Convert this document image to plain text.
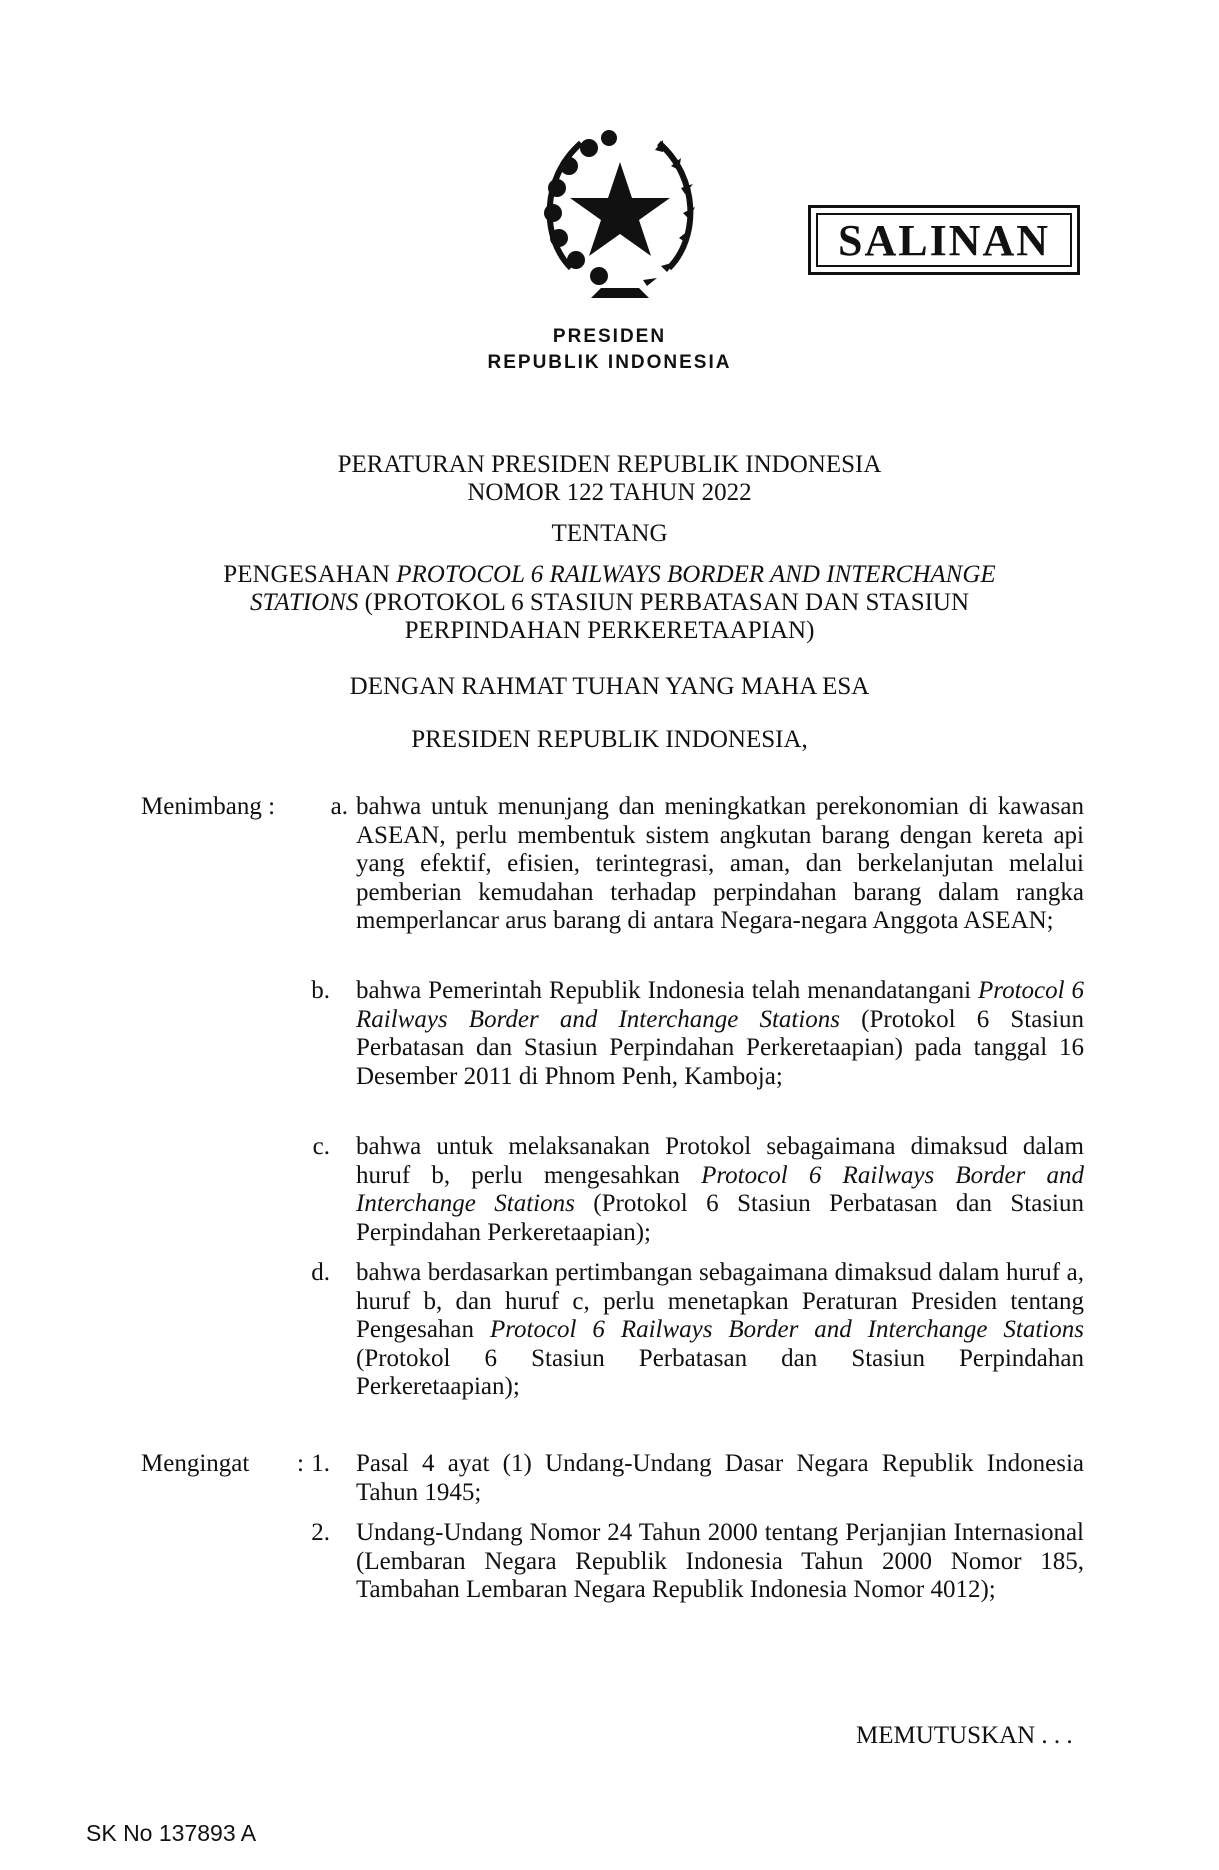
SALINAN
PRESIDEN
REPUBLIK INDONESIA
PERATURAN PRESIDEN REPUBLIK INDONESIA
NOMOR 122 TAHUN 2022
TENTANG
PENGESAHAN PROTOCOL 6 RAILWAYS BORDER AND INTERCHANGE
STATIONS (PROTOKOL 6 STASIUN PERBATASAN DAN STASIUN
PERPINDAHAN PERKERETAAPIAN)
DENGAN RAHMAT TUHAN YANG MAHA ESA
PRESIDEN REPUBLIK INDONESIA,
Menimbang :	a. bahwa untuk menunjang dan meningkatkan perekonomian di kawasan ASEAN, perlu membentuk sistem angkutan barang dengan kereta api yang efektif, efisien, terintegrasi, aman, dan berkelanjutan melalui pemberian kemudahan terhadap perpindahan barang dalam rangka memperlancar arus barang di antara Negara-negara Anggota ASEAN;

b. bahwa Pemerintah Republik Indonesia telah menandatangani Protocol 6 Railways Border and Interchange Stations (Protokol 6 Stasiun Perbatasan dan Stasiun Perpindahan Perkeretaapian) pada tanggal 16 Desember 2011 di Phnom Penh, Kamboja;

c. bahwa untuk melaksanakan Protokol sebagaimana dimaksud dalam huruf b, perlu mengesahkan Protocol 6 Railways Border and Interchange Stations (Protokol 6 Stasiun Perbatasan dan Stasiun Perpindahan Perkeretaapian);

d. bahwa berdasarkan pertimbangan sebagaimana dimaksud dalam huruf a, huruf b, dan huruf c, perlu menetapkan Peraturan Presiden tentang Pengesahan Protocol 6 Railways Border and Interchange Stations (Protokol 6 Stasiun Perbatasan dan Stasiun Perpindahan Perkeretaapian);

Mengingat : 1. Pasal 4 ayat (1) Undang-Undang Dasar Negara Republik Indonesia Tahun 1945;

2. Undang-Undang Nomor 24 Tahun 2000 tentang Perjanjian Internasional (Lembaran Negara Republik Indonesia Tahun 2000 Nomor 185, Tambahan Lembaran Negara Republik Indonesia Nomor 4012);

MEMUTUSKAN . . .
SK No 137893 A
